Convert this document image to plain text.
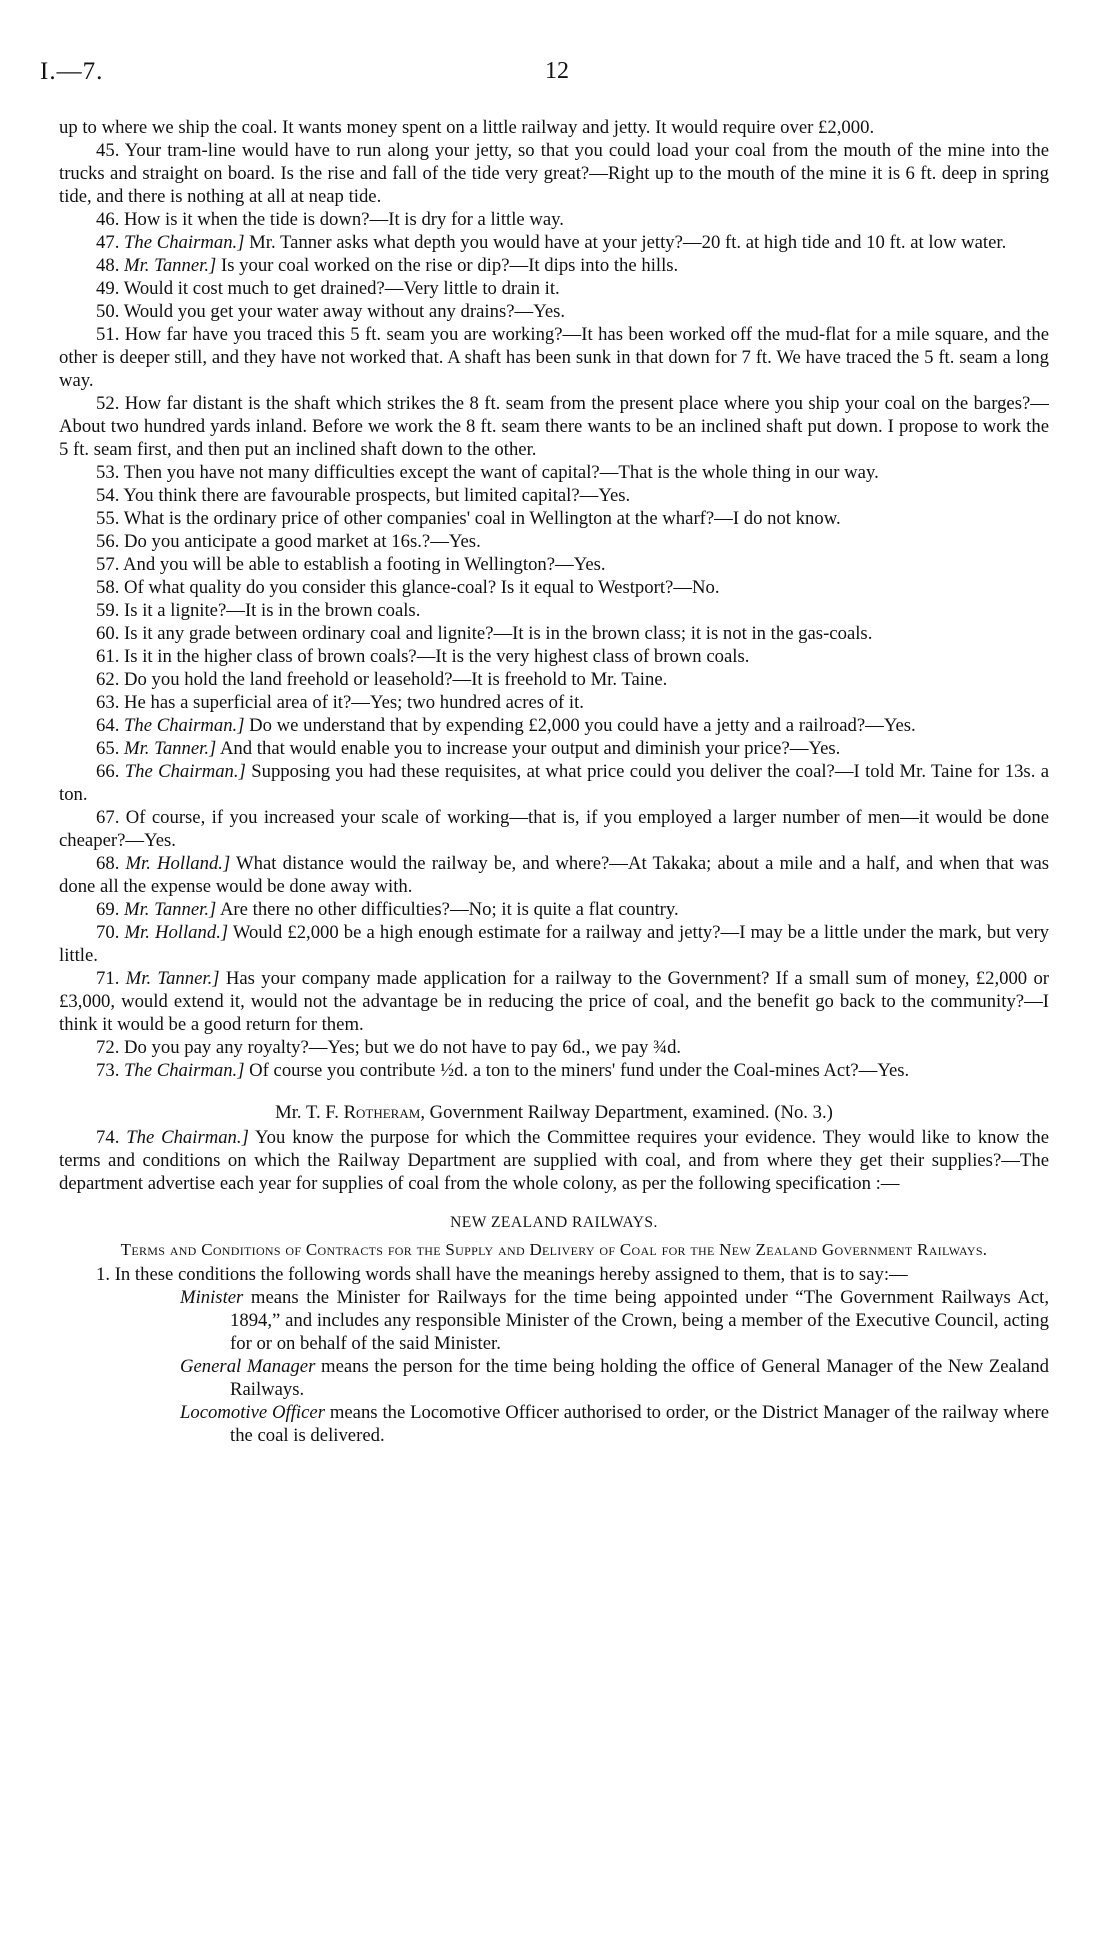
I.—7.	12

up to where we ship the coal. It wants money spent on a little railway and jetty. It would require over £2,000.

45. Your tram-line would have to run along your jetty, so that you could load your coal from the mouth of the mine into the trucks and straight on board. Is the rise and fall of the tide very great?—Right up to the mouth of the mine it is 6 ft. deep in spring tide, and there is nothing at all at neap tide.

46. How is it when the tide is down?—It is dry for a little way.

47. The Chairman.] Mr. Tanner asks what depth you would have at your jetty?—20 ft. at high tide and 10 ft. at low water.

48. Mr. Tanner.] Is your coal worked on the rise or dip?—It dips into the hills.

49. Would it cost much to get drained?—Very little to drain it.

50. Would you get your water away without any drains?—Yes.

51. How far have you traced this 5 ft. seam you are working?—It has been worked off the mud-flat for a mile square, and the other is deeper still, and they have not worked that. A shaft has been sunk in that down for 7 ft. We have traced the 5 ft. seam a long way.

52. How far distant is the shaft which strikes the 8 ft. seam from the present place where you ship your coal on the barges?—About two hundred yards inland. Before we work the 8 ft. seam there wants to be an inclined shaft put down. I propose to work the 5 ft. seam first, and then put an inclined shaft down to the other.

53. Then you have not many difficulties except the want of capital?—That is the whole thing in our way.

54. You think there are favourable prospects, but limited capital?—Yes.

55. What is the ordinary price of other companies' coal in Wellington at the wharf?—I do not know.

56. Do you anticipate a good market at 16s.?—Yes.

57. And you will be able to establish a footing in Wellington?—Yes.

58. Of what quality do you consider this glance-coal? Is it equal to Westport?—No.

59. Is it a lignite?—It is in the brown coals.

60. Is it any grade between ordinary coal and lignite?—It is in the brown class; it is not in the gas-coals.

61. Is it in the higher class of brown coals?—It is the very highest class of brown coals.

62. Do you hold the land freehold or leasehold?—It is freehold to Mr. Taine.

63. He has a superficial area of it?—Yes; two hundred acres of it.

64. The Chairman.] Do we understand that by expending £2,000 you could have a jetty and a railroad?—Yes.

65. Mr. Tanner.] And that would enable you to increase your output and diminish your price?—Yes.

66. The Chairman.] Supposing you had these requisites, at what price could you deliver the coal?—I told Mr. Taine for 13s. a ton.

67. Of course, if you increased your scale of working—that is, if you employed a larger number of men—it would be done cheaper?—Yes.

68. Mr. Holland.] What distance would the railway be, and where?—At Takaka; about a mile and a half, and when that was done all the expense would be done away with.

69. Mr. Tanner.] Are there no other difficulties?—No; it is quite a flat country.

70. Mr. Holland.] Would £2,000 be a high enough estimate for a railway and jetty?—I may be a little under the mark, but very little.

71. Mr. Tanner.] Has your company made application for a railway to the Government? If a small sum of money, £2,000 or £3,000, would extend it, would not the advantage be in reducing the price of coal, and the benefit go back to the community?—I think it would be a good return for them.

72. Do you pay any royalty?—Yes; but we do not have to pay 6d., we pay ¾d.

73. The Chairman.] Of course you contribute ½d. a ton to the miners' fund under the Coal-mines Act?—Yes.

Mr. T. F. Rotheram, Government Railway Department, examined. (No. 3.)

74. The Chairman.] You know the purpose for which the Committee requires your evidence. They would like to know the terms and conditions on which the Railway Department are supplied with coal, and from where they get their supplies?—The department advertise each year for supplies of coal from the whole colony, as per the following specification :—

NEW ZEALAND RAILWAYS.

Terms and Conditions of Contracts for the Supply and Delivery of Coal for the New Zealand Government Railways.

1. In these conditions the following words shall have the meanings hereby assigned to them, that is to say:—

Minister means the Minister for Railways for the time being appointed under “The Government Railways Act, 1894,” and includes any responsible Minister of the Crown, being a member of the Executive Council, acting for or on behalf of the said Minister.

General Manager means the person for the time being holding the office of General Manager of the New Zealand Railways.

Locomotive Officer means the Locomotive Officer authorised to order, or the District Manager of the railway where the coal is delivered.
